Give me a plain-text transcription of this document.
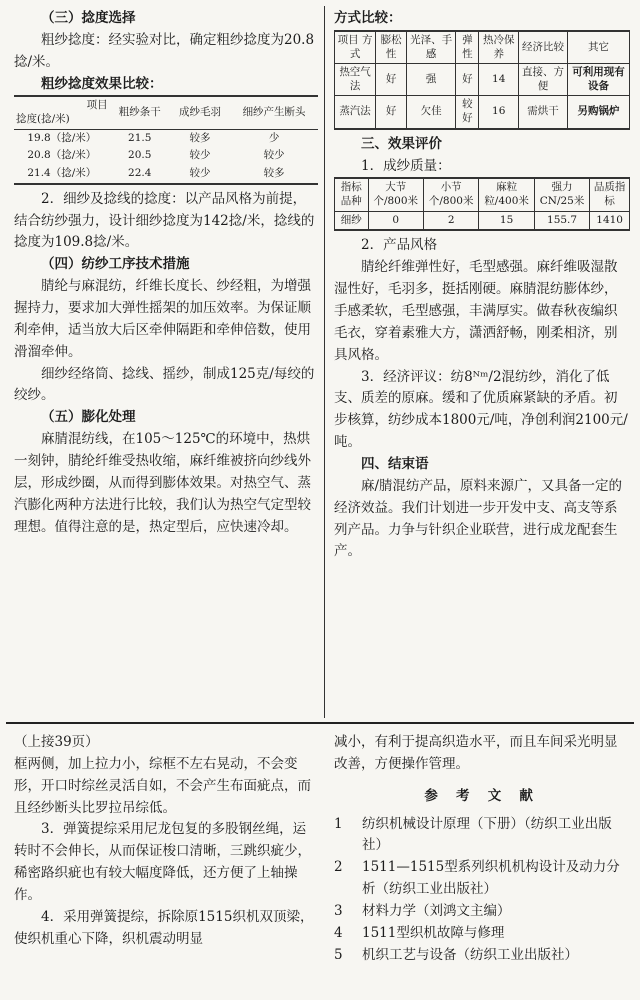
（三）捻度选择

粗纱捻度：经实验对比，确定粗纱捻度为20.8捻/米。

粗纱捻度效果比较：

项目
捻度(捻/米)	粗纱条干	成纱毛羽	细纱产生断头
19.8（捻/米）	21.5	较多	少
20.8（捻/米）	20.5	较少	较少
21.4（捻/米）	22.4	较少	较多

2．细纱及捻线的捻度：以产品风格为前提，结合纺纱强力，设计细纱捻度为142捻/米，捻线的捻度为109.8捻/米。

（四）纺纱工序技术措施

腈纶与麻混纺，纤维长度长、纱经粗，为增强握持力，要求加大弹性摇架的加压效率。为保证顺利牵伸，适当放大后区牵伸隔距和牵伸倍数，使用滑溜牵伸。

细纱经络筒、捻线、摇纱，制成125克/每绞的绞纱。

（五）膨化处理

麻腈混纺线，在105～125℃的环境中，热烘一刻钟，腈纶纤维受热收缩，麻纤维被挤向纱线外层，形成纱圈，从而得到膨体效果。对热空气、蒸汽膨化两种方法进行比较，我们认为热空气定型较理想。值得注意的是，热定型后，应快速冷却。

方式比较：

项目 方式	膨松性	光泽、手感	弹性	热冷保养	经济比较	其它
热空气法	好	强	好	14	直接、方便	可利用现有设备
蒸汽法	好	欠佳	较好	16	需烘干	另购锅炉

三、效果评价

1．成纱质量：

指标 品种	大节个/800米	小节个/800米	麻粒粒/400米	强力CN/25米	品质指标
细纱	0	2	15	155.7	1410

2．产品风格

腈纶纤维弹性好，毛型感强。麻纤维吸湿散湿性好，毛羽多，挺括刚硬。麻腈混纺膨体纱，手感柔软，毛型感强，丰满厚实。做春秋夜编织毛衣，穿着素雅大方，潇洒舒畅，刚柔相济，别具风格。

3．经济评议：纺8ᴺᵐ/2混纺纱，消化了低支、质差的原麻。缓和了优质麻紧缺的矛盾。初步核算，纺纱成本1800元/吨，净创利润2100元/吨。

四、结束语

麻/腈混纺产品，原料来源广，又具备一定的经济效益。我们计划进一步开发中支、高支等系列产品。力争与针织企业联营，进行成龙配套生产。

（上接39页）

框两侧，加上拉力小，综框不左右晃动，不会变形，开口时综丝灵活自如，不会产生布面疵点，而且经纱断头比罗拉吊综低。

3．弹簧提综采用尼龙包复的多股钢丝绳，运转时不会伸长，从而保证梭口清晰，三跳织疵少，稀密路织疵也有较大幅度降低，还方便了上轴操作。

4．采用弹簧提综，拆除原1515织机双顶梁，使织机重心下降，织机震动明显

减小，有利于提高织造水平，而且车间采光明显改善，方便操作管理。

参 考 文 献

1	纺织机械设计原理（下册）（纺织工业出版社）
2	1511—1515型系列织机机构设计及动力分析（纺织工业出版社）
3	材料力学（刘鸿文主编）
4	1511型织机故障与修理
5	机织工艺与设备（纺织工业出版社）
